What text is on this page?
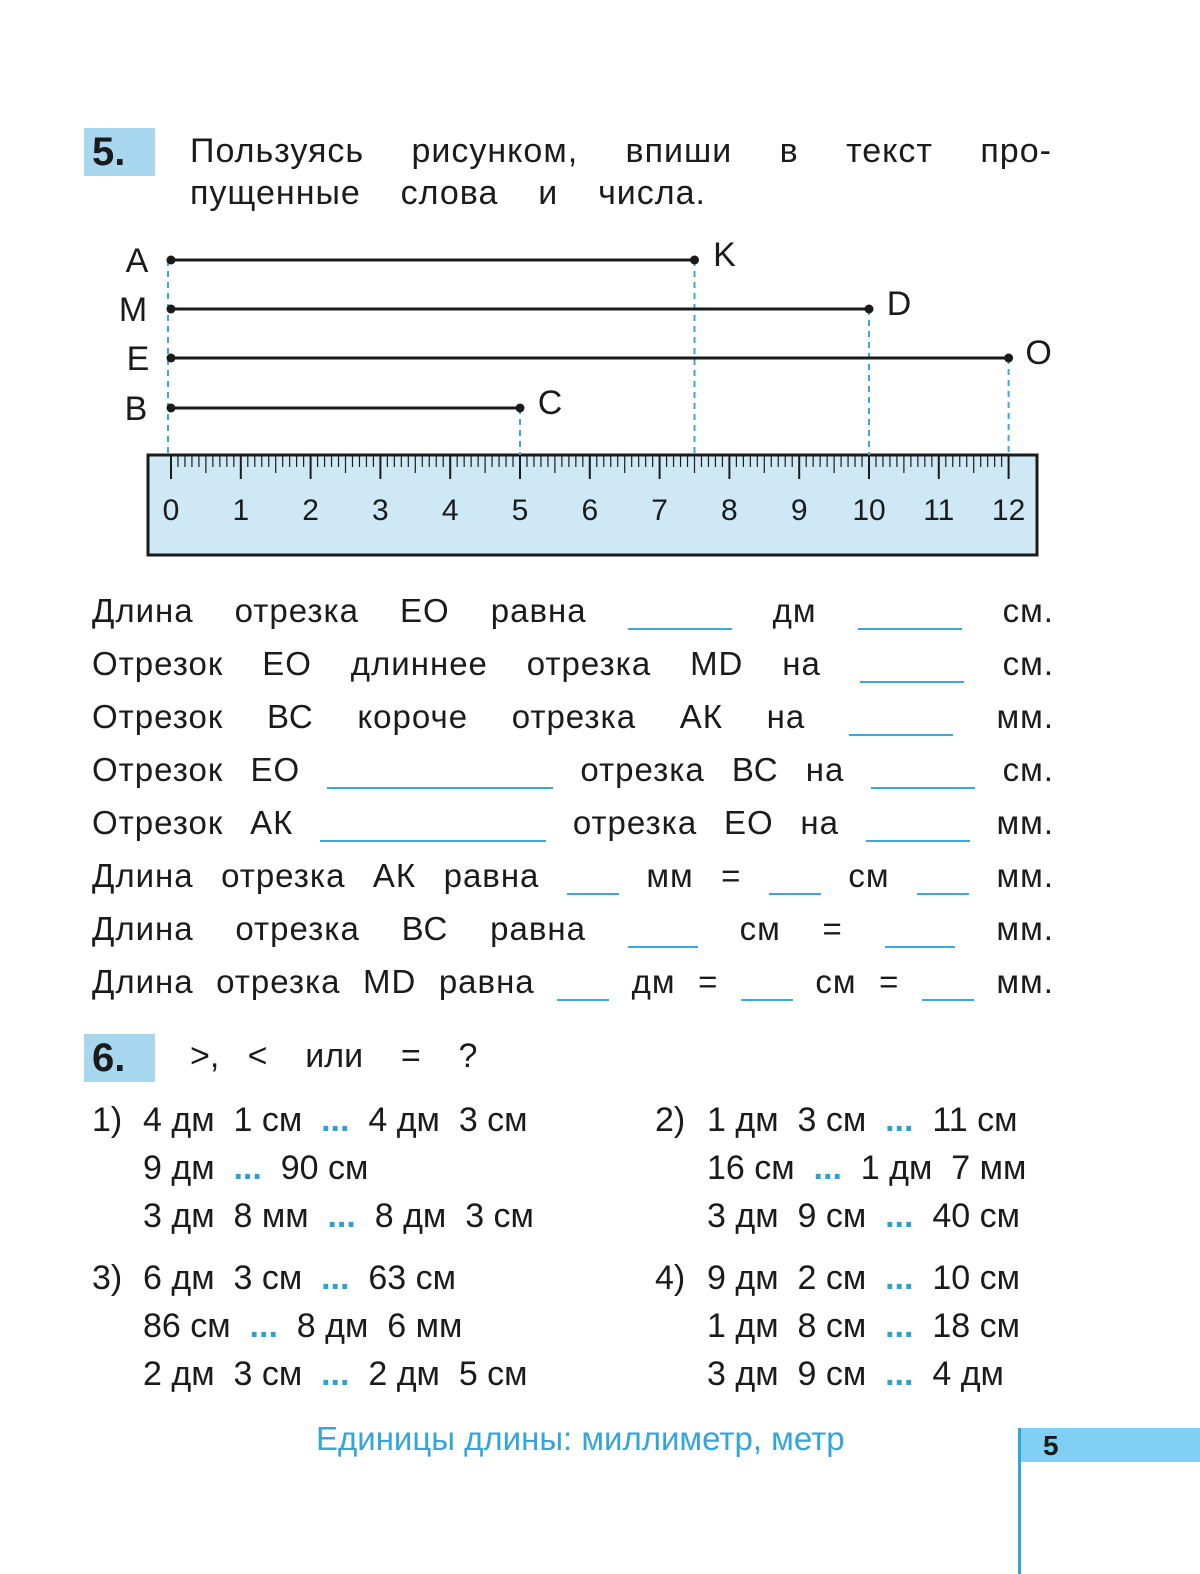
5.	Пользуясь рисунком, впиши в текст про-
пущенные слова и числа.
0 1 2 3 4 5 6 7 8 9 10 11 12
A	K
M	D
E	O
B	C
Длина отрезка ЕО равна	дм	см.
Отрезок ЕО длиннее отрезка MD на	см.
Отрезок ВС короче отрезка АК на	мм.
Отрезок ЕО	отрезка ВС на	см.
Отрезок АК	отрезка ЕО на	мм.
Длина отрезка АК равна	мм =	см	мм.
Длина отрезка ВС равна	см =	мм.
Длина отрезка MD равна	дм =	см =	мм.
6.	>,   <    или    =    ?
1) 4 дм  1 см ... 4 дм  3 см
9 дм ... 90 см
3 дм  8 мм ... 8 дм  3 см
2) 1 дм  3 см ... 11 см
16 см ... 1 дм  7 мм
3 дм  9 см ... 40 см
3) 6 дм  3 см ... 63 см
86 см ... 8 дм  6 мм
2 дм  3 см ... 2 дм  5 см
4) 9 дм  2 см ... 10 см
1 дм  8 см ... 18 см
3 дм  9 см ... 4 дм
Единицы длины: миллиметр, метр	5
